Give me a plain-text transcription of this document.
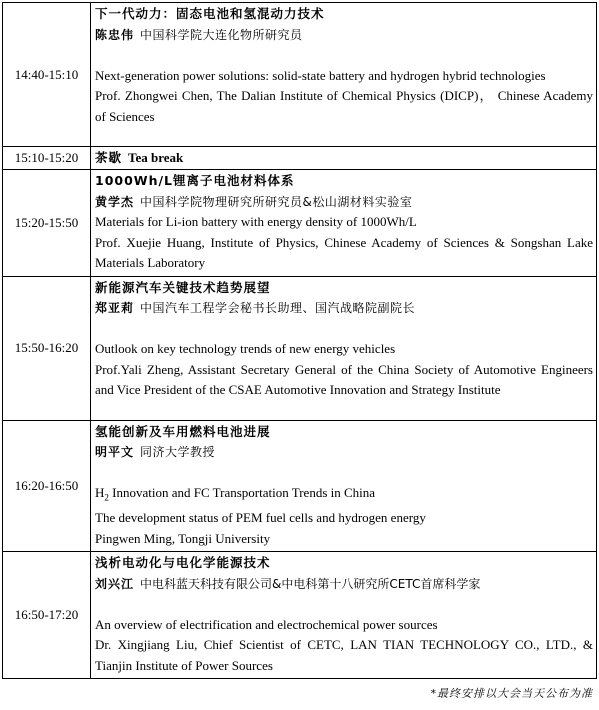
14:40-15:10	下一代动力：固态电池和氢混动力技术
陈忠伟 中国科学院大连化物所研究员
Next-generation power solutions: solid-state battery and hydrogen hybrid technologies
Prof. Zhongwei Chen, The Dalian Institute of Chemical Physics (DICP)， Chinese Academy of Sciences

15:10-15:20	茶歇 Tea break
15:20-15:50	1000Wh/L锂离子电池材料体系
黄学杰 中国科学院物理研究所研究员&松山湖材料实验室
Materials for Li-ion battery with energy density of 1000Wh/L
Prof. Xuejie Huang, Institute of Physics, Chinese Academy of Sciences & Songshan Lake Materials Laboratory

15:50-16:20	新能源汽车关键技术趋势展望
郑亚莉 中国汽车工程学会秘书长助理、国汽战略院副院长
Outlook on key technology trends of new energy vehicles
Prof.Yali Zheng, Assistant Secretary General of the China Society of Automotive Engineers and Vice President of the CSAE Automotive Innovation and Strategy Institute

16:20-16:50	氢能创新及车用燃料电池进展
明平文 同济大学教授
$H_2$ Innovation and FC Transportation Trends in China
The development status of PEM fuel cells and hydrogen energy
Pingwen Ming, Tongji University

16:50-17:20	浅析电动化与电化学能源技术
刘兴江 中电科蓝天科技有限公司&中电科第十八研究所CETC首席科学家
An overview of electrification and electrochemical power sources
Dr. Xingjiang Liu, Chief Scientist of CETC, LAN TIAN TECHNOLOGY CO., LTD., & Tianjin Institute of Power Sources
*最终安排以大会当天公布为准
